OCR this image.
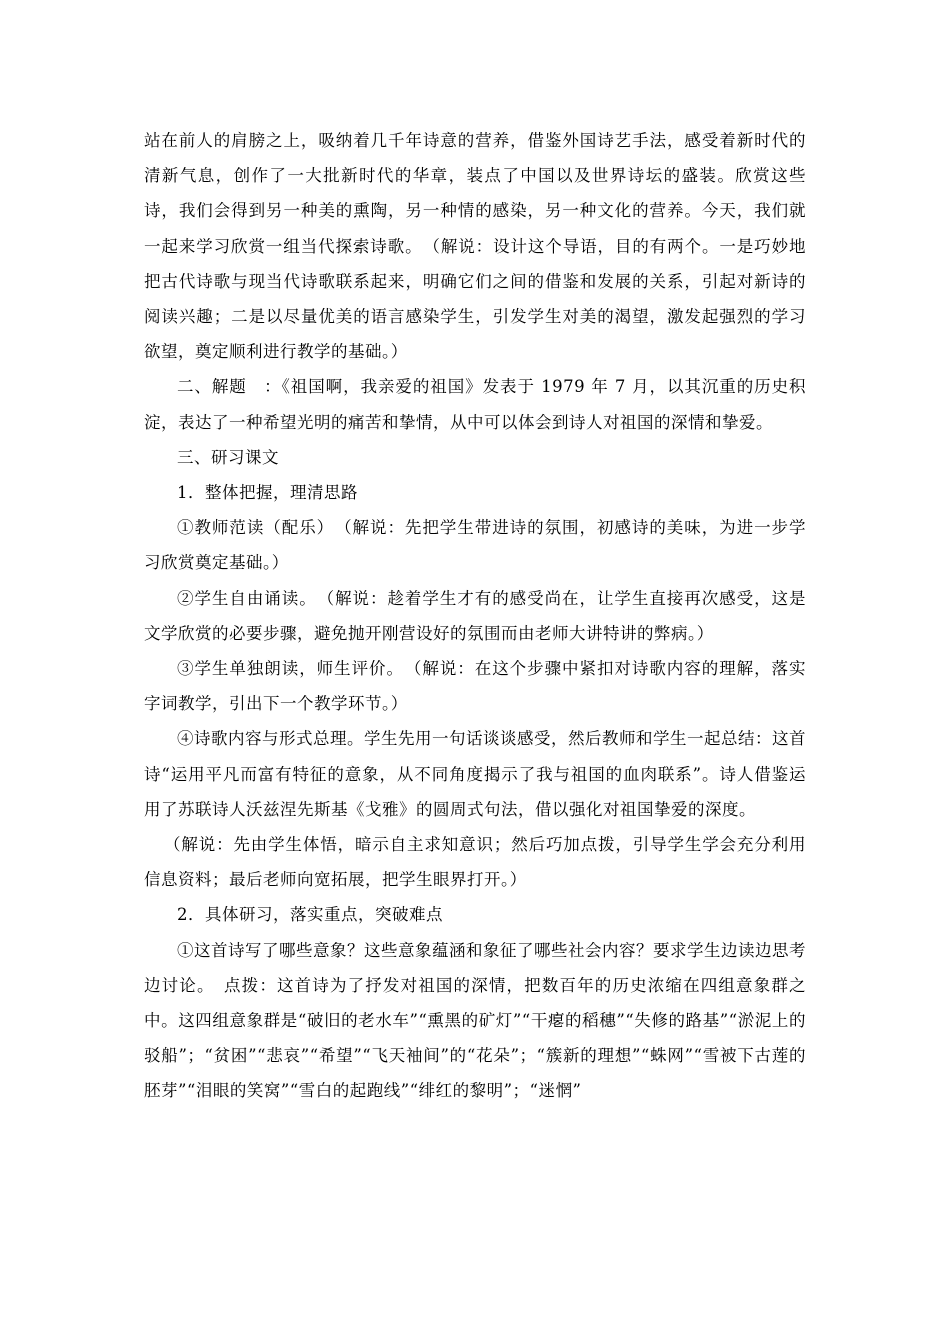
站在前人的肩膀之上，吸纳着几千年诗意的营养，借鉴外国诗艺手法，感受着新时代的清新气息，创作了一大批新时代的华章，装点了中国以及世界诗坛的盛装。欣赏这些诗，我们会得到另一种美的熏陶，另一种情的感染，另一种文化的营养。今天，我们就一起来学习欣赏一组当代探索诗歌。　（解说：设计这个导语，目的有两个。一是巧妙地把古代诗歌与现当代诗歌联系起来，明确它们之间的借鉴和发展的关系，引起对新诗的阅读兴趣；二是以尽量优美的语言感染学生，引发学生对美的渴望，激发起强烈的学习欲望，奠定顺利进行教学的基础。）

二、解题　：《祖国啊，我亲爱的祖国》发表于 1979 年 7 月，以其沉重的历史积淀，表达了一种希望光明的痛苦和挚情，从中可以体会到诗人对祖国的深情和挚爱。

三、研习课文

1．整体把握，理清思路

①教师范读（配乐）　（解说：先把学生带进诗的氛围，初感诗的美味，为进一步学习欣赏奠定基础。）

②学生自由诵读。　（解说：趁着学生才有的感受尚在，让学生直接再次感受，这是文学欣赏的必要步骤，避免抛开刚营设好的氛围而由老师大讲特讲的弊病。）

③学生单独朗读，师生评价。　（解说：在这个步骤中紧扣对诗歌内容的理解，落实字词教学，引出下一个教学环节。）

④诗歌内容与形式总理。学生先用一句话谈谈感受，然后教师和学生一起总结：这首诗“运用平凡而富有特征的意象，从不同角度揭示了我与祖国的血肉联系”。诗人借鉴运用了苏联诗人沃兹涅先斯基《戈雅》的圆周式句法，借以强化对祖国挚爱的深度。

（解说：先由学生体悟，暗示自主求知意识；然后巧加点拨，引导学生学会充分利用信息资料；最后老师向宽拓展，把学生眼界打开。）

2．具体研习，落实重点，突破难点

①这首诗写了哪些意象？这些意象蕴涵和象征了哪些社会内容？要求学生边读边思考边讨论。　点拨：这首诗为了抒发对祖国的深情，把数百年的历史浓缩在四组意象群之中。这四组意象群是“破旧的老水车”“熏黑的矿灯”“干瘪的稻穗”“失修的路基”“淤泥上的驳船”；“贫困”“悲哀”“希望”“飞天袖间”的“花朵”；“簇新的理想”“蛛网”“雪被下古莲的胚芽”“泪眼的笑窝”“雪白的起跑线”“绯红的黎明”；“迷惘”
